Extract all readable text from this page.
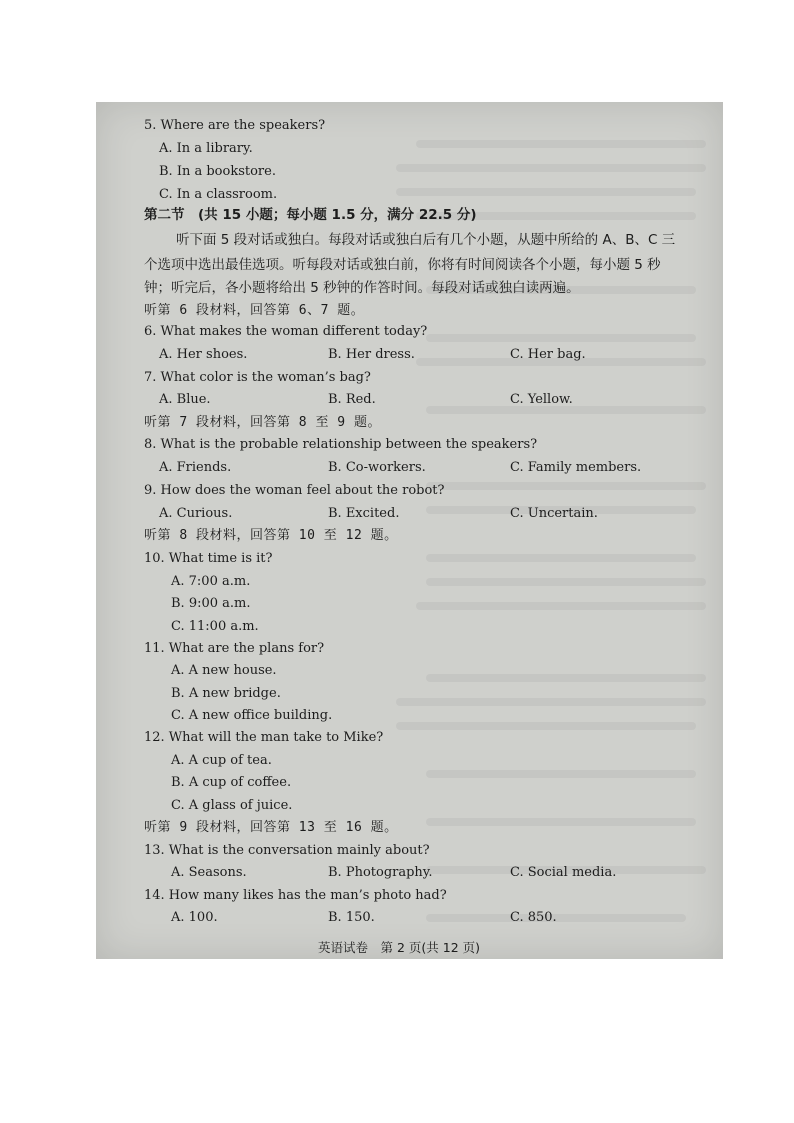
5. Where are the speakers?
A. In a library.
B. In a bookstore.
C. In a classroom.
第二节　(共 15 小题；每小题 1.5 分，满分 22.5 分)
听下面 5 段对话或独白。每段对话或独白后有几个小题，从题中所给的 A、B、C 三
个选项中选出最佳选项。听每段对话或独白前，你将有时间阅读各个小题，每小题 5 秒
钟；听完后，各小题将给出 5 秒钟的作答时间。每段对话或独白读两遍。
听第 6 段材料，回答第 6、7 题。
6. What makes the woman different today?
A. Her shoes.	B. Her dress.	C. Her bag.
7. What color is the woman’s bag?
A. Blue.	B. Red.	C. Yellow.
听第 7 段材料，回答第 8 至 9 题。
8. What is the probable relationship between the speakers?
A. Friends.	B. Co-workers.	C. Family members.
9. How does the woman feel about the robot?
A. Curious.	B. Excited.	C. Uncertain.
听第 8 段材料，回答第 10 至 12 题。
10. What time is it?
A. 7:00 a.m.
B. 9:00 a.m.
C. 11:00 a.m.
11. What are the plans for?
A. A new house.
B. A new bridge.
C. A new office building.
12. What will the man take to Mike?
A. A cup of tea.
B. A cup of coffee.
C. A glass of juice.
听第 9 段材料，回答第 13 至 16 题。
13. What is the conversation mainly about?
A. Seasons.	B. Photography.	C. Social media.
14. How many likes has the man’s photo had?
A. 100.	B. 150.	C. 850.
英语试卷　第 2 页(共 12 页)
